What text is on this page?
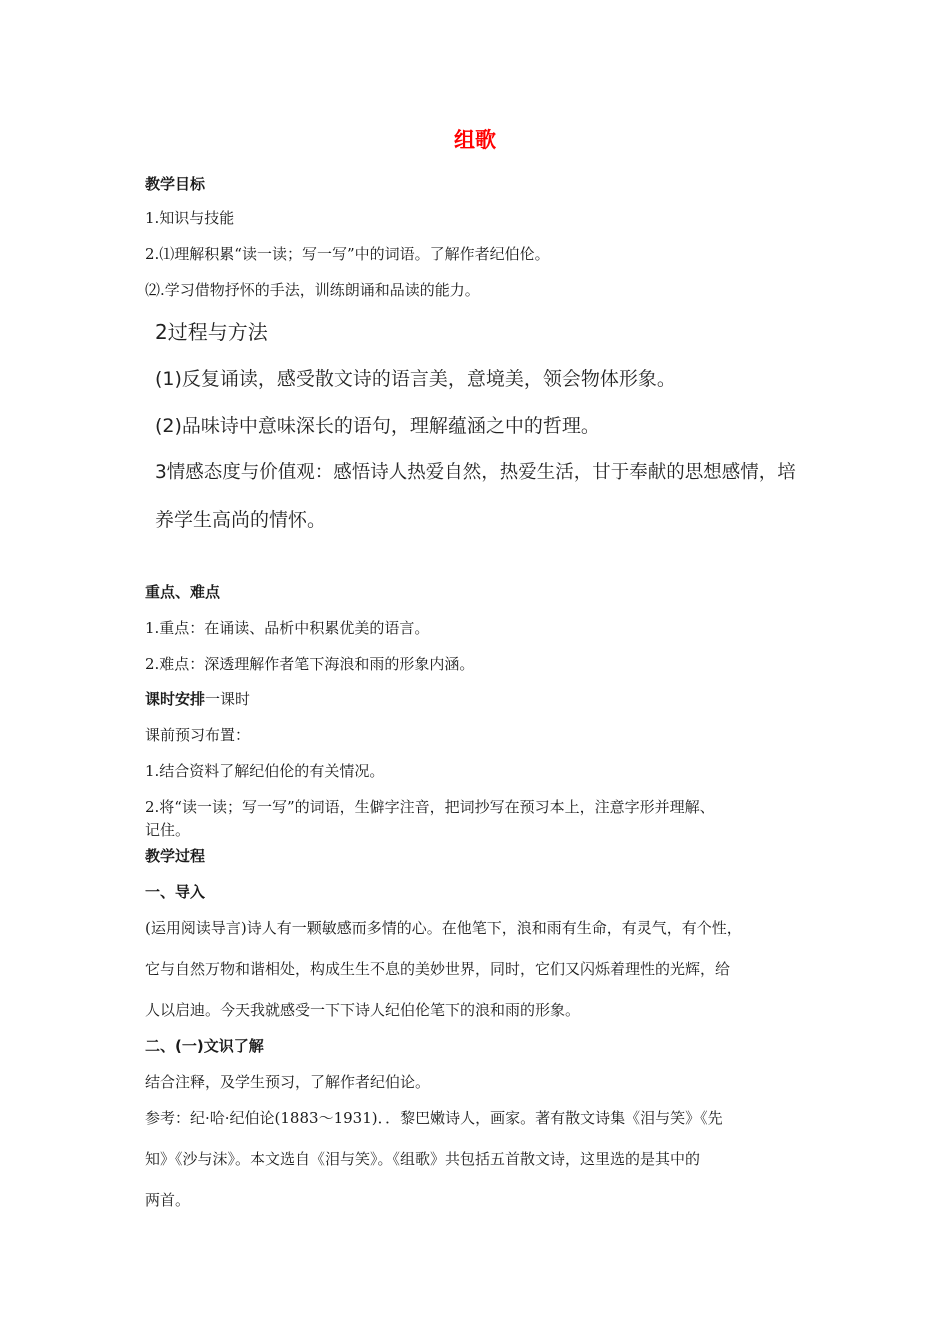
组歌
教学目标
1.知识与技能
2.⑴理解积累“读一读；写一写”中的词语。了解作者纪伯伦。
⑵.学习借物抒怀的手法，训练朗诵和品读的能力。
2过程与方法
(1)反复诵读，感受散文诗的语言美，意境美，领会物体形象。
(2)品味诗中意味深长的语句，理解蕴涵之中的哲理。
3情感态度与价值观：感悟诗人热爱自然，热爱生活，甘于奉献的思想感情，培
养学生高尚的情怀。
重点、难点
1.重点：在诵读、品析中积累优美的语言。
2.难点：深透理解作者笔下海浪和雨的形象内涵。
课时安排一课时
课前预习布置：
1.结合资料了解纪伯伦的有关情况。
2.将“读一读；写一写”的词语，生僻字注音，把词抄写在预习本上，注意字形并理解、
记住。
教学过程
一、导入
(运用阅读导言)诗人有一颗敏感而多情的心。在他笔下，浪和雨有生命，有灵气，有个性，
它与自然万物和谐相处，构成生生不息的美妙世界，同时，它们又闪烁着理性的光辉，给
人以启迪。今天我就感受一下下诗人纪伯伦笔下的浪和雨的形象。
二、(一)文识了解
结合注释，及学生预习，了解作者纪伯论。
参考：纪·哈·纪伯论(1883～1931)．．黎巴嫩诗人，画家。著有散文诗集《泪与笑》《先
知》《沙与沫》。本文选自《泪与笑》。《组歌》共包括五首散文诗，这里选的是其中的
两首。
